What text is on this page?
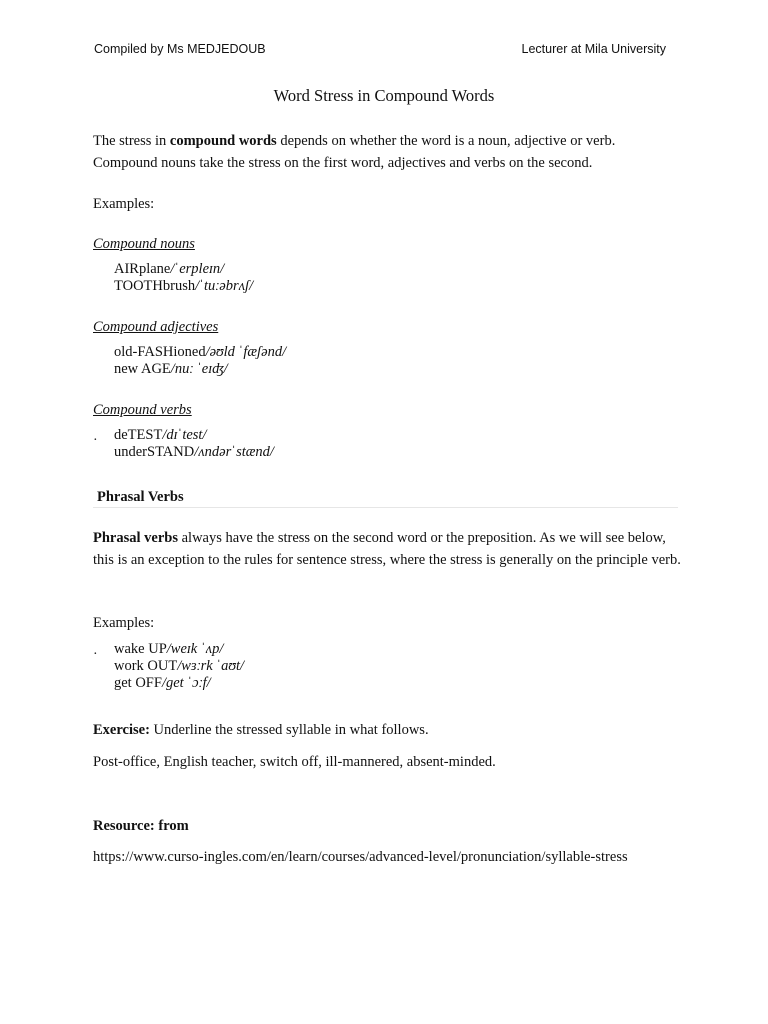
Compiled by Ms MEDJEDOUB	Lecturer at Mila University
Word Stress in Compound Words
The stress in compound words depends on whether the word is a noun, adjective or verb. Compound nouns take the stress on the first word, adjectives and verbs on the second.
Examples:
Compound nouns
AIRplane/ˈerpleɪn/
TOOTHbrush/ˈtuːəbrʌʃ/
Compound adjectives
old-FASHioned/əʊld ˈfæʃənd/
new AGE/nuː ˈeɪʤ/
Compound verbs
· deTEST/dɪˈtest/
underSTAND/ʌndərˈstænd/
Phrasal Verbs
Phrasal verbs always have the stress on the second word or the preposition. As we will see below, this is an exception to the rules for sentence stress, where the stress is generally on the principle verb.
Examples:
· wake UP/weɪk ˈʌp/
work OUT/wɜːrk ˈaʊt/
get OFF/get ˈɔːf/
Exercise: Underline the stressed syllable in what follows.
Post-office, English teacher, switch off, ill-mannered, absent-minded.
Resource: from
https://www.curso-ingles.com/en/learn/courses/advanced-level/pronunciation/syllable-stress
